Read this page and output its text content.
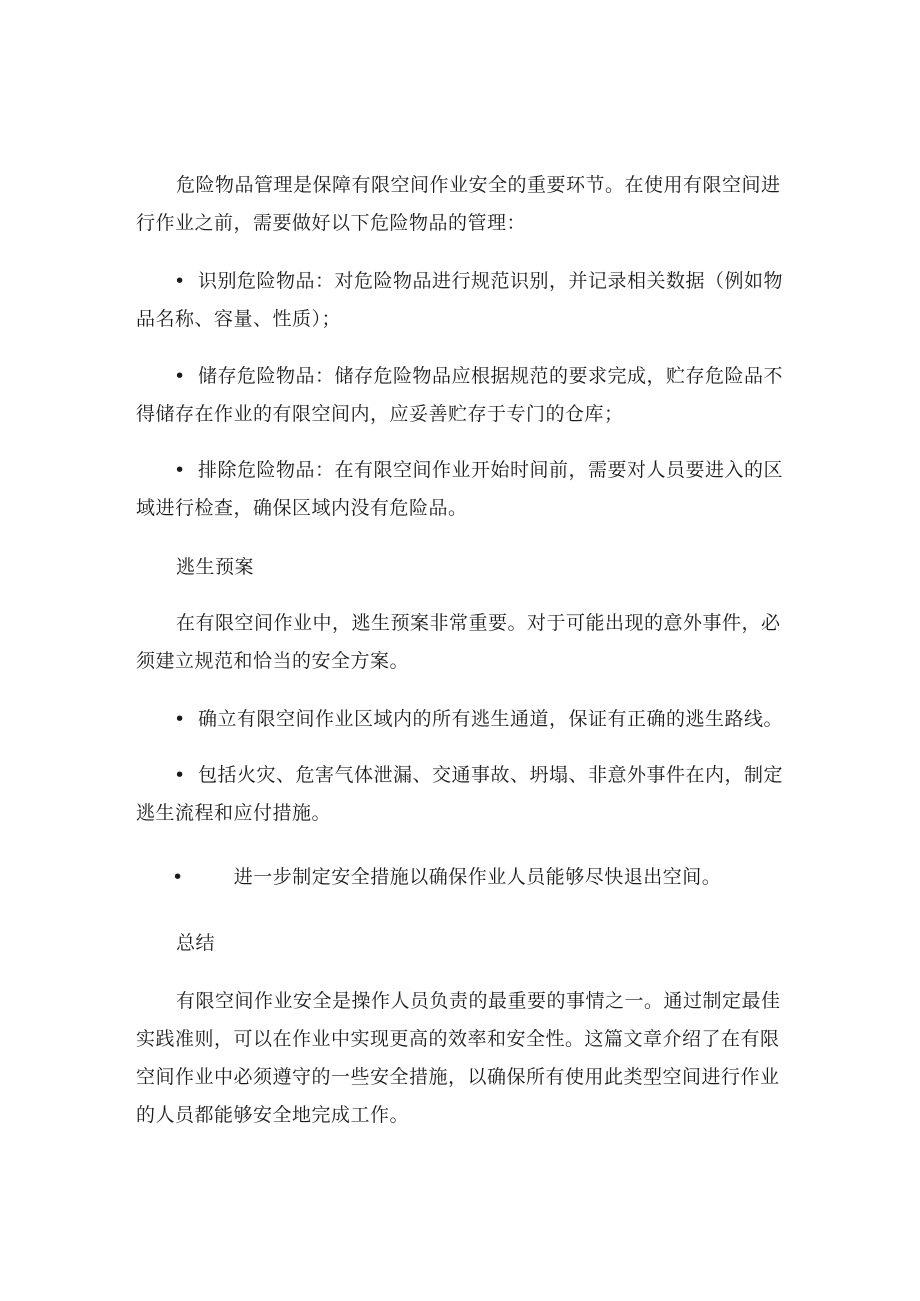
危险物品管理是保障有限空间作业安全的重要环节。在使用有限空间进行作业之前，需要做好以下危险物品的管理：

• 识别危险物品：对危险物品进行规范识别，并记录相关数据（例如物品名称、容量、性质）；

• 储存危险物品：储存危险物品应根据规范的要求完成，贮存危险品不得储存在作业的有限空间内，应妥善贮存于专门的仓库；

• 排除危险物品：在有限空间作业开始时间前，需要对人员要进入的区域进行检查，确保区域内没有危险品。

逃生预案

在有限空间作业中，逃生预案非常重要。对于可能出现的意外事件，必须建立规范和恰当的安全方案。

• 确立有限空间作业区域内的所有逃生通道，保证有正确的逃生路线。

• 包括火灾、危害气体泄漏、交通事故、坍塌、非意外事件在内，制定逃生流程和应付措施。

•	进一步制定安全措施以确保作业人员能够尽快退出空间。
总结

有限空间作业安全是操作人员负责的最重要的事情之一。通过制定最佳实践准则，可以在作业中实现更高的效率和安全性。这篇文章介绍了在有限空间作业中必须遵守的一些安全措施，以确保所有使用此类型空间进行作业的人员都能够安全地完成工作。
